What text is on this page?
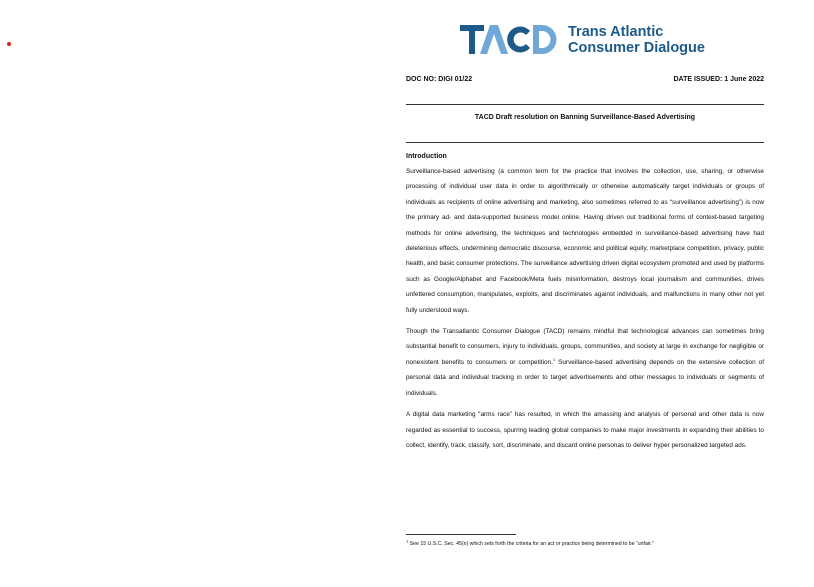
Trans Atlantic
Consumer Dialogue
DOC NO: DIGI 01/22	DATE ISSUED: 1 June 2022
TACD Draft resolution on Banning Surveillance-Based Advertising
Introduction

Surveillance-based advertising (a common term for the practice that involves the collection, use, sharing, or otherwise processing of individual user data in order to algorithmically or otherwise automatically target individuals or groups of individuals as recipients of online advertising and marketing, also sometimes referred to as “surveillance advertising”) is now the primary ad- and data-supported business model online. Having driven out traditional forms of context-based targeting methods for online advertising, the techniques and technologies embedded in surveillance-based advertising have had deleterious effects, undermining democratic discourse, economic and political equity, marketplace competition, privacy, public health, and basic consumer protections. The surveillance advertising driven digital ecosystem promoted and used by platforms such as Google/Alphabet and Facebook/Meta fuels misinformation, destroys local journalism and communities, drives unfettered consumption, manipulates, exploits, and discriminates against individuals, and malfunctions in many other not yet fully understood ways.

Though the Transatlantic Consumer Dialogue (TACD) remains mindful that technological advances can sometimes bring substantial benefit to consumers, injury to individuals, groups, communities, and society at large in exchange for negligible or nonexistent benefits to consumers or competition.$^1$ Surveillance-based advertising depends on the extensive collection of personal data and individual tracking in order to target advertisements and other messages to individuals or segments of individuals.

A digital data marketing “arms race” has resulted, in which the amassing and analysis of personal and other data is now regarded as essential to success, spurring leading global companies to make major investments in expanding their abilities to collect, identify, track, classify, sort, discriminate, and discard online personas to deliver hyper personalized targeted ads.

$^1$ See 15 U.S.C. Sec. 45(n) which sets forth the criteria for an act or practice being determined to be “unfair.”
